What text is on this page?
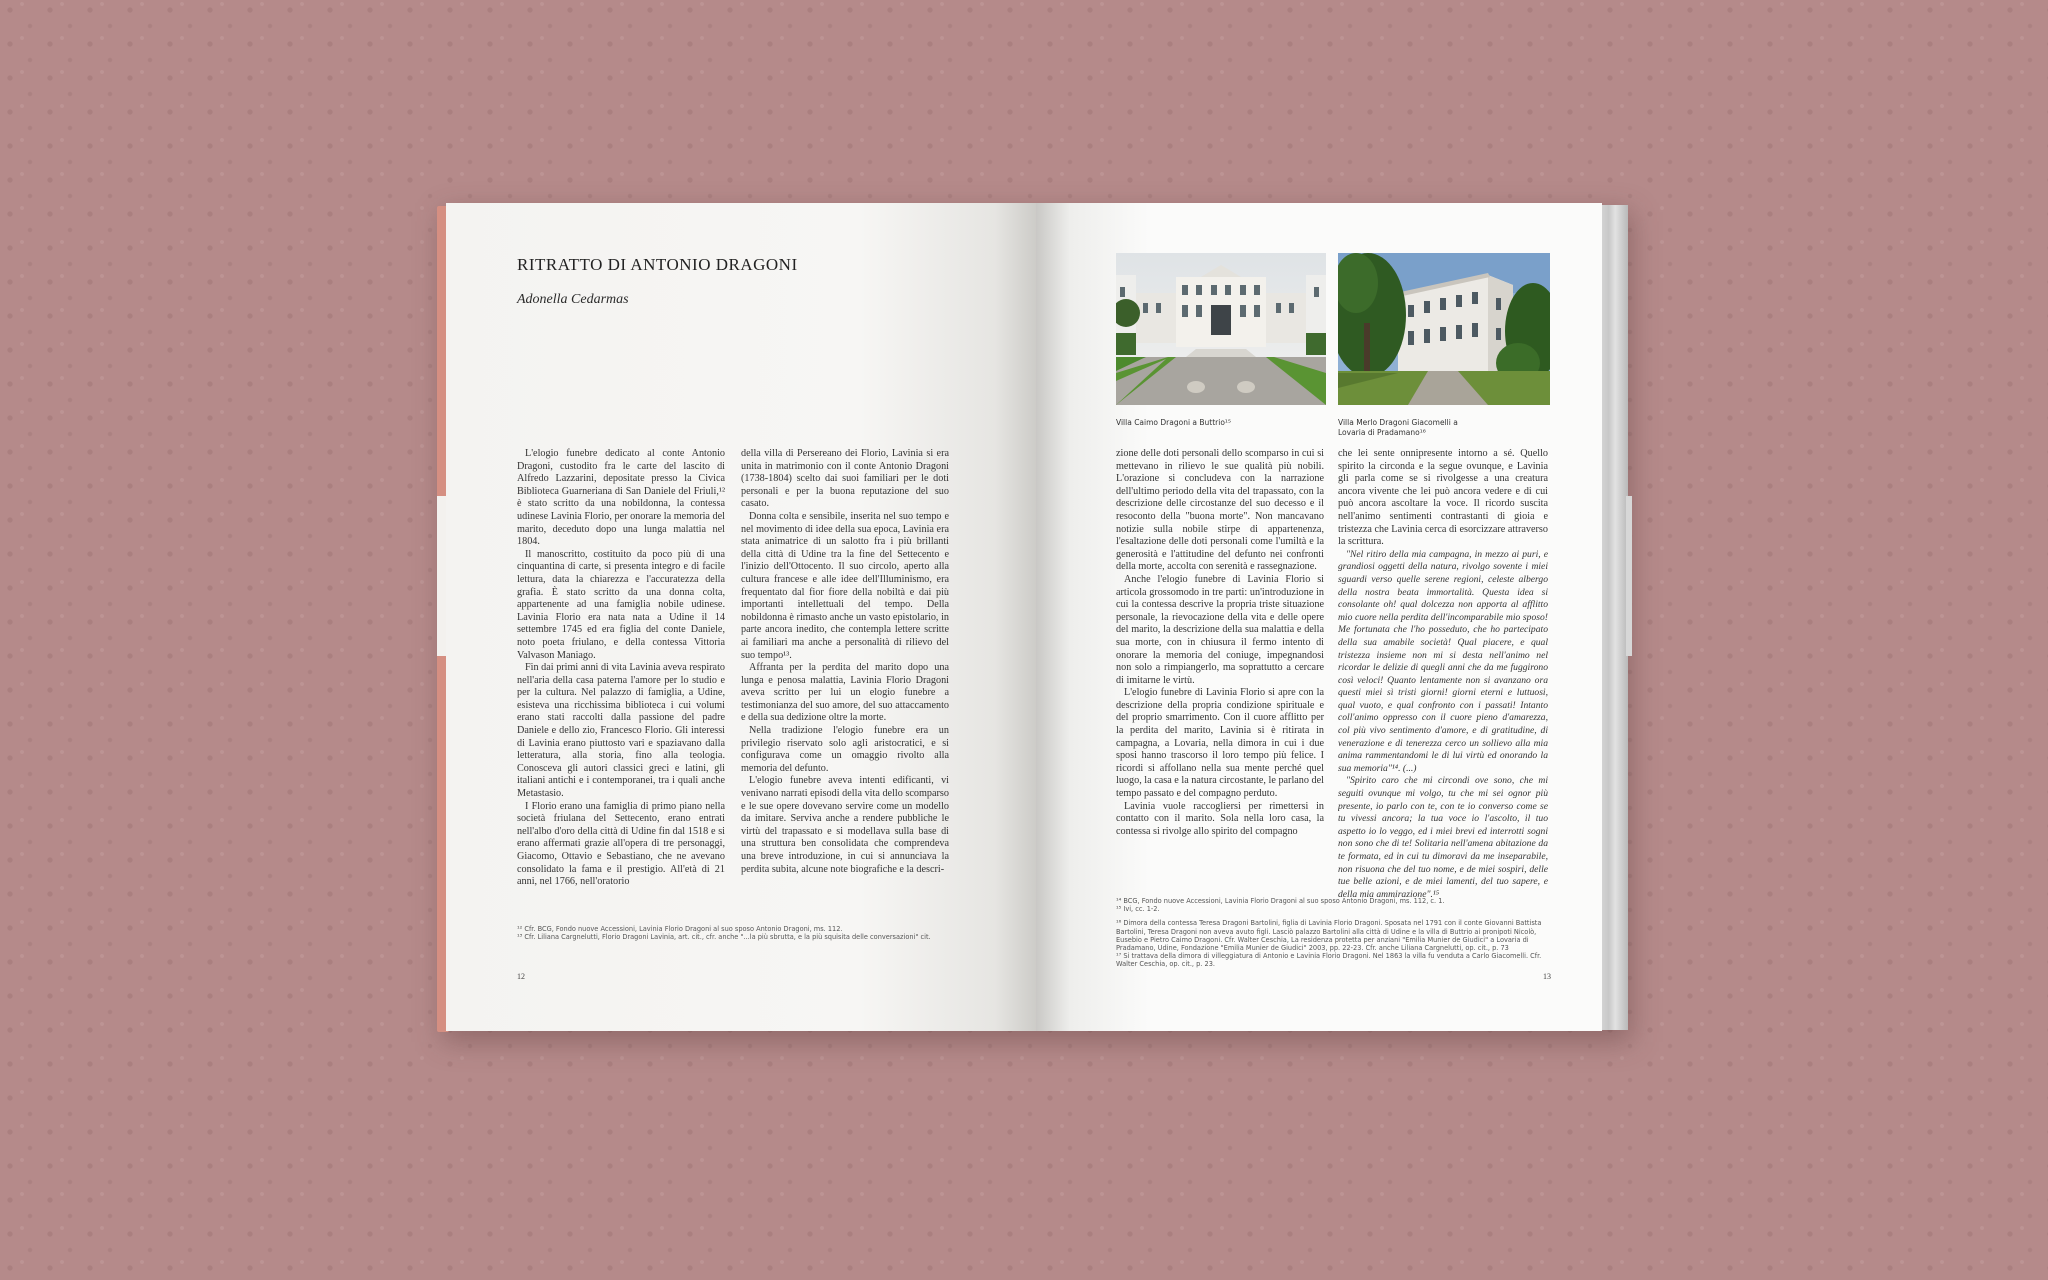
RITRATTO DI ANTONIO DRAGONI
Adonella Cedarmas

L'elogio funebre dedicato al conte Antonio Dragoni, custodito fra le carte del lascito di Alfredo Lazzarini, depositate presso la Civica Biblioteca Guarneriana di San Daniele del Friuli,¹² è stato scritto da una nobildonna, la contessa udinese Lavinia Florio, per onorare la memoria del marito, deceduto dopo una lunga malattia nel 1804.

Il manoscritto, costituito da poco più di una cinquantina di carte, si presenta integro e di facile lettura, data la chiarezza e l'accuratezza della grafia. È stato scritto da una donna colta, appartenente ad una famiglia nobile udinese. Lavinia Florio era nata nata a Udine il 14 settembre 1745 ed era figlia del conte Daniele, noto poeta friulano, e della contessa Vittoria Valvason Maniago.

Fin dai primi anni di vita Lavinia aveva respirato nell'aria della casa paterna l'amore per lo studio e per la cultura. Nel palazzo di famiglia, a Udine, esisteva una ricchissima biblioteca i cui volumi erano stati raccolti dalla passione del padre Daniele e dello zio, Francesco Florio. Gli interessi di Lavinia erano piuttosto vari e spaziavano dalla letteratura, alla storia, fino alla teologia. Conosceva gli autori classici greci e latini, gli italiani antichi e i contemporanei, tra i quali anche Metastasio.

I Florio erano una famiglia di primo piano nella società friulana del Settecento, erano entrati nell'albo d'oro della città di Udine fin dal 1518 e si erano affermati grazie all'opera di tre personaggi, Giacomo, Ottavio e Sebastiano, che ne avevano consolidato la fama e il prestigio. All'età di 21 anni, nel 1766, nell'oratorio

della villa di Persereano dei Florio, Lavinia si era unita in matrimonio con il conte Antonio Dragoni (1738-1804) scelto dai suoi familiari per le doti personali e per la buona reputazione del suo casato.

Donna colta e sensibile, inserita nel suo tempo e nel movimento di idee della sua epoca, Lavinia era stata animatrice di un salotto fra i più brillanti della città di Udine tra la fine del Settecento e l'inizio dell'Ottocento. Il suo circolo, aperto alla cultura francese e alle idee dell'Illuminismo, era frequentato dal fior fiore della nobiltà e dai più importanti intellettuali del tempo. Della nobildonna è rimasto anche un vasto epistolario, in parte ancora inedito, che contempla lettere scritte ai familiari ma anche a personalità di rilievo del suo tempo¹³.

Affranta per la perdita del marito dopo una lunga e penosa malattia, Lavinia Florio Dragoni aveva scritto per lui un elogio funebre a testimonianza del suo amore, del suo attaccamento e della sua dedizione oltre la morte.

Nella tradizione l'elogio funebre era un privilegio riservato solo agli aristocratici, e si configurava come un omaggio rivolto alla memoria del defunto.

L'elogio funebre aveva intenti edificanti, vi venivano narrati episodi della vita dello scomparso e le sue opere dovevano servire come un modello da imitare. Serviva anche a rendere pubbliche le virtù del trapassato e si modellava sulla base di una struttura ben consolidata che comprendeva una breve introduzione, in cui si annunciava la perdita subita, alcune note biografiche e la descri-

¹² Cfr. BCG, Fondo nuove Accessioni, Lavinia Florio Dragoni al suo sposo Antonio Dragoni, ms. 112.
¹³ Cfr. Liliana Cargnelutti, Florio Dragoni Lavinia, art. cit., cfr. anche "...la più sbrutta, e la più squisita delle conversazioni" cit.
12
Villa Caimo Dragoni a Buttrio¹⁵	Villa Merlo Dragoni Giacomelli a Lovaria di Pradamano¹⁶

zione delle doti personali dello scomparso in cui si mettevano in rilievo le sue qualità più nobili. L'orazione si concludeva con la narrazione dell'ultimo periodo della vita del trapassato, con la descrizione delle circostanze del suo decesso e il resoconto della "buona morte". Non mancavano notizie sulla nobile stirpe di appartenenza, l'esaltazione delle doti personali come l'umiltà e la generosità e l'attitudine del defunto nei confronti della morte, accolta con serenità e rassegnazione.

Anche l'elogio funebre di Lavinia Florio si articola grossomodo in tre parti: un'introduzione in cui la contessa descrive la propria triste situazione personale, la rievocazione della vita e delle opere del marito, la descrizione della sua malattia e della sua morte, con in chiusura il fermo intento di onorare la memoria del coniuge, impegnandosi non solo a rimpiangerlo, ma soprattutto a cercare di imitarne le virtù.

L'elogio funebre di Lavinia Florio si apre con la descrizione della propria condizione spirituale e del proprio smarrimento. Con il cuore afflitto per la perdita del marito, Lavinia si è ritirata in campagna, a Lovaria, nella dimora in cui i due sposi hanno trascorso il loro tempo più felice. I ricordi si affollano nella sua mente perché quel luogo, la casa e la natura circostante, le parlano del tempo passato e del compagno perduto.

Lavinia vuole raccogliersi per rimettersi in contatto con il marito. Sola nella loro casa, la contessa si rivolge allo spirito del compagno

che lei sente onnipresente intorno a sé. Quello spirito la circonda e la segue ovunque, e Lavinia gli parla come se si rivolgesse a una creatura ancora vivente che lei può ancora vedere e di cui può ancora ascoltare la voce. Il ricordo suscita nell'animo sentimenti contrastanti di gioia e tristezza che Lavinia cerca di esorcizzare attraverso la scrittura.

"Nel ritiro della mia campagna, in mezzo ai puri, e grandiosi oggetti della natura, rivolgo sovente i miei sguardi verso quelle serene regioni, celeste albergo della nostra beata immortalità. Questa idea si consolante oh! qual dolcezza non apporta al afflitto mio cuore nella perdita dell'incomparabile mio sposo! Me fortunata che l'ho posseduto, che ho partecipato della sua amabile società! Qual piacere, e qual tristezza insieme non mi si desta nell'animo nel ricordar le delizie di quegli anni che da me fuggirono così veloci! Quanto lentamente non si avanzano ora questi miei sì tristi giorni! giorni eterni e luttuosi, qual vuoto, e qual confronto con i passati! Intanto coll'animo oppresso con il cuore pieno d'amarezza, col più vivo sentimento d'amore, e di gratitudine, di venerazione e di tenerezza cerco un sollievo alla mia anima rammentandomi le di lui virtù ed onorando la sua memoria"¹⁴. (...)

"Spirito caro che mi circondi ove sono, che mi seguiti ovunque mi volgo, tu che mi sei ognor più presente, io parlo con te, con te io converso come se tu vivessi ancora; la tua voce io l'ascolto, il tuo aspetto io lo veggo, ed i miei brevi ed interrotti sogni non sono che di te! Solitaria nell'amena abitazione da te formata, ed in cui tu dimoravi da me inseparabile, non risuona che del tuo nome, e de miei sospiri, delle tue belle azioni, e de miei lamenti, del tuo sapere, e della mia ammirazione".¹⁵

¹⁴ BCG, Fondo nuove Accessioni, Lavinia Florio Dragoni al suo sposo Antonio Dragoni, ms. 112, c. 1.
¹⁵ Ivi, cc. 1-2.
¹⁶ Dimora della contessa Teresa Dragoni Bartolini, figlia di Lavinia Florio Dragoni. Sposata nel 1791 con il conte Giovanni Battista Bartolini, Teresa Dragoni non aveva avuto figli. Lasciò palazzo Bartolini alla città di Udine e la villa di Buttrio ai pronipoti Nicolò, Eusebio e Pietro Caimo Dragoni. Cfr. Walter Ceschia, La residenza protetta per anziani "Emilia Munier de Giudici" a Lovaria di Pradamano, Udine, Fondazione "Emilia Munier de Giudici" 2003, pp. 22-23. Cfr. anche Liliana Cargnelutti, op. cit., p. 73
¹⁷ Si trattava della dimora di villeggiatura di Antonio e Lavinia Florio Dragoni. Nel 1863 la villa fu venduta a Carlo Giacomelli. Cfr. Walter Ceschia, op. cit., p. 23.
13
